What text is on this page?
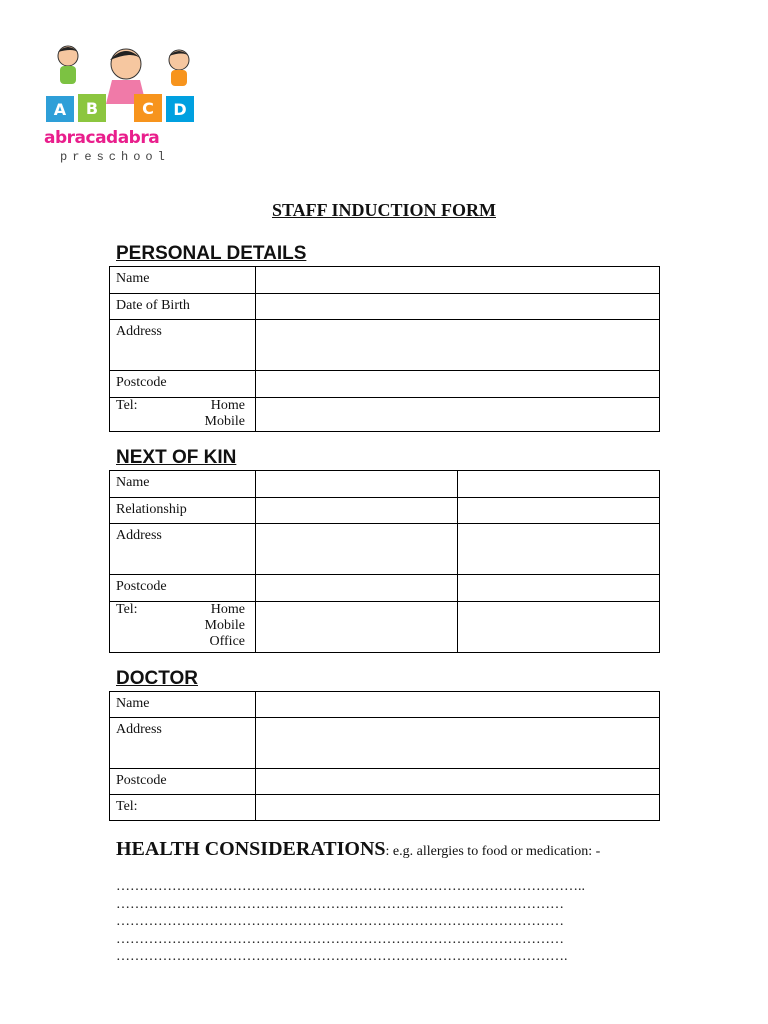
A B	C D
abracadabra
preschool
STAFF INDUCTION FORM
PERSONAL DETAILS
Name	
Date of Birth	
Address	
Postcode	

Tel: Home
Mobile	

NEXT OF KIN
Name		
Relationship		
Address		
Postcode		

Tel: Home
Mobile
Office		

DOCTOR
Name	
Address	
Postcode	
Tel:	
HEALTH CONSIDERATIONS: e.g. allergies to food or medication: -
………………………………………………………………………………………..
……………………………………………………………………………………
……………………………………………………………………………………
……………………………………………………………………………………
…………………………………………………………………………………….
